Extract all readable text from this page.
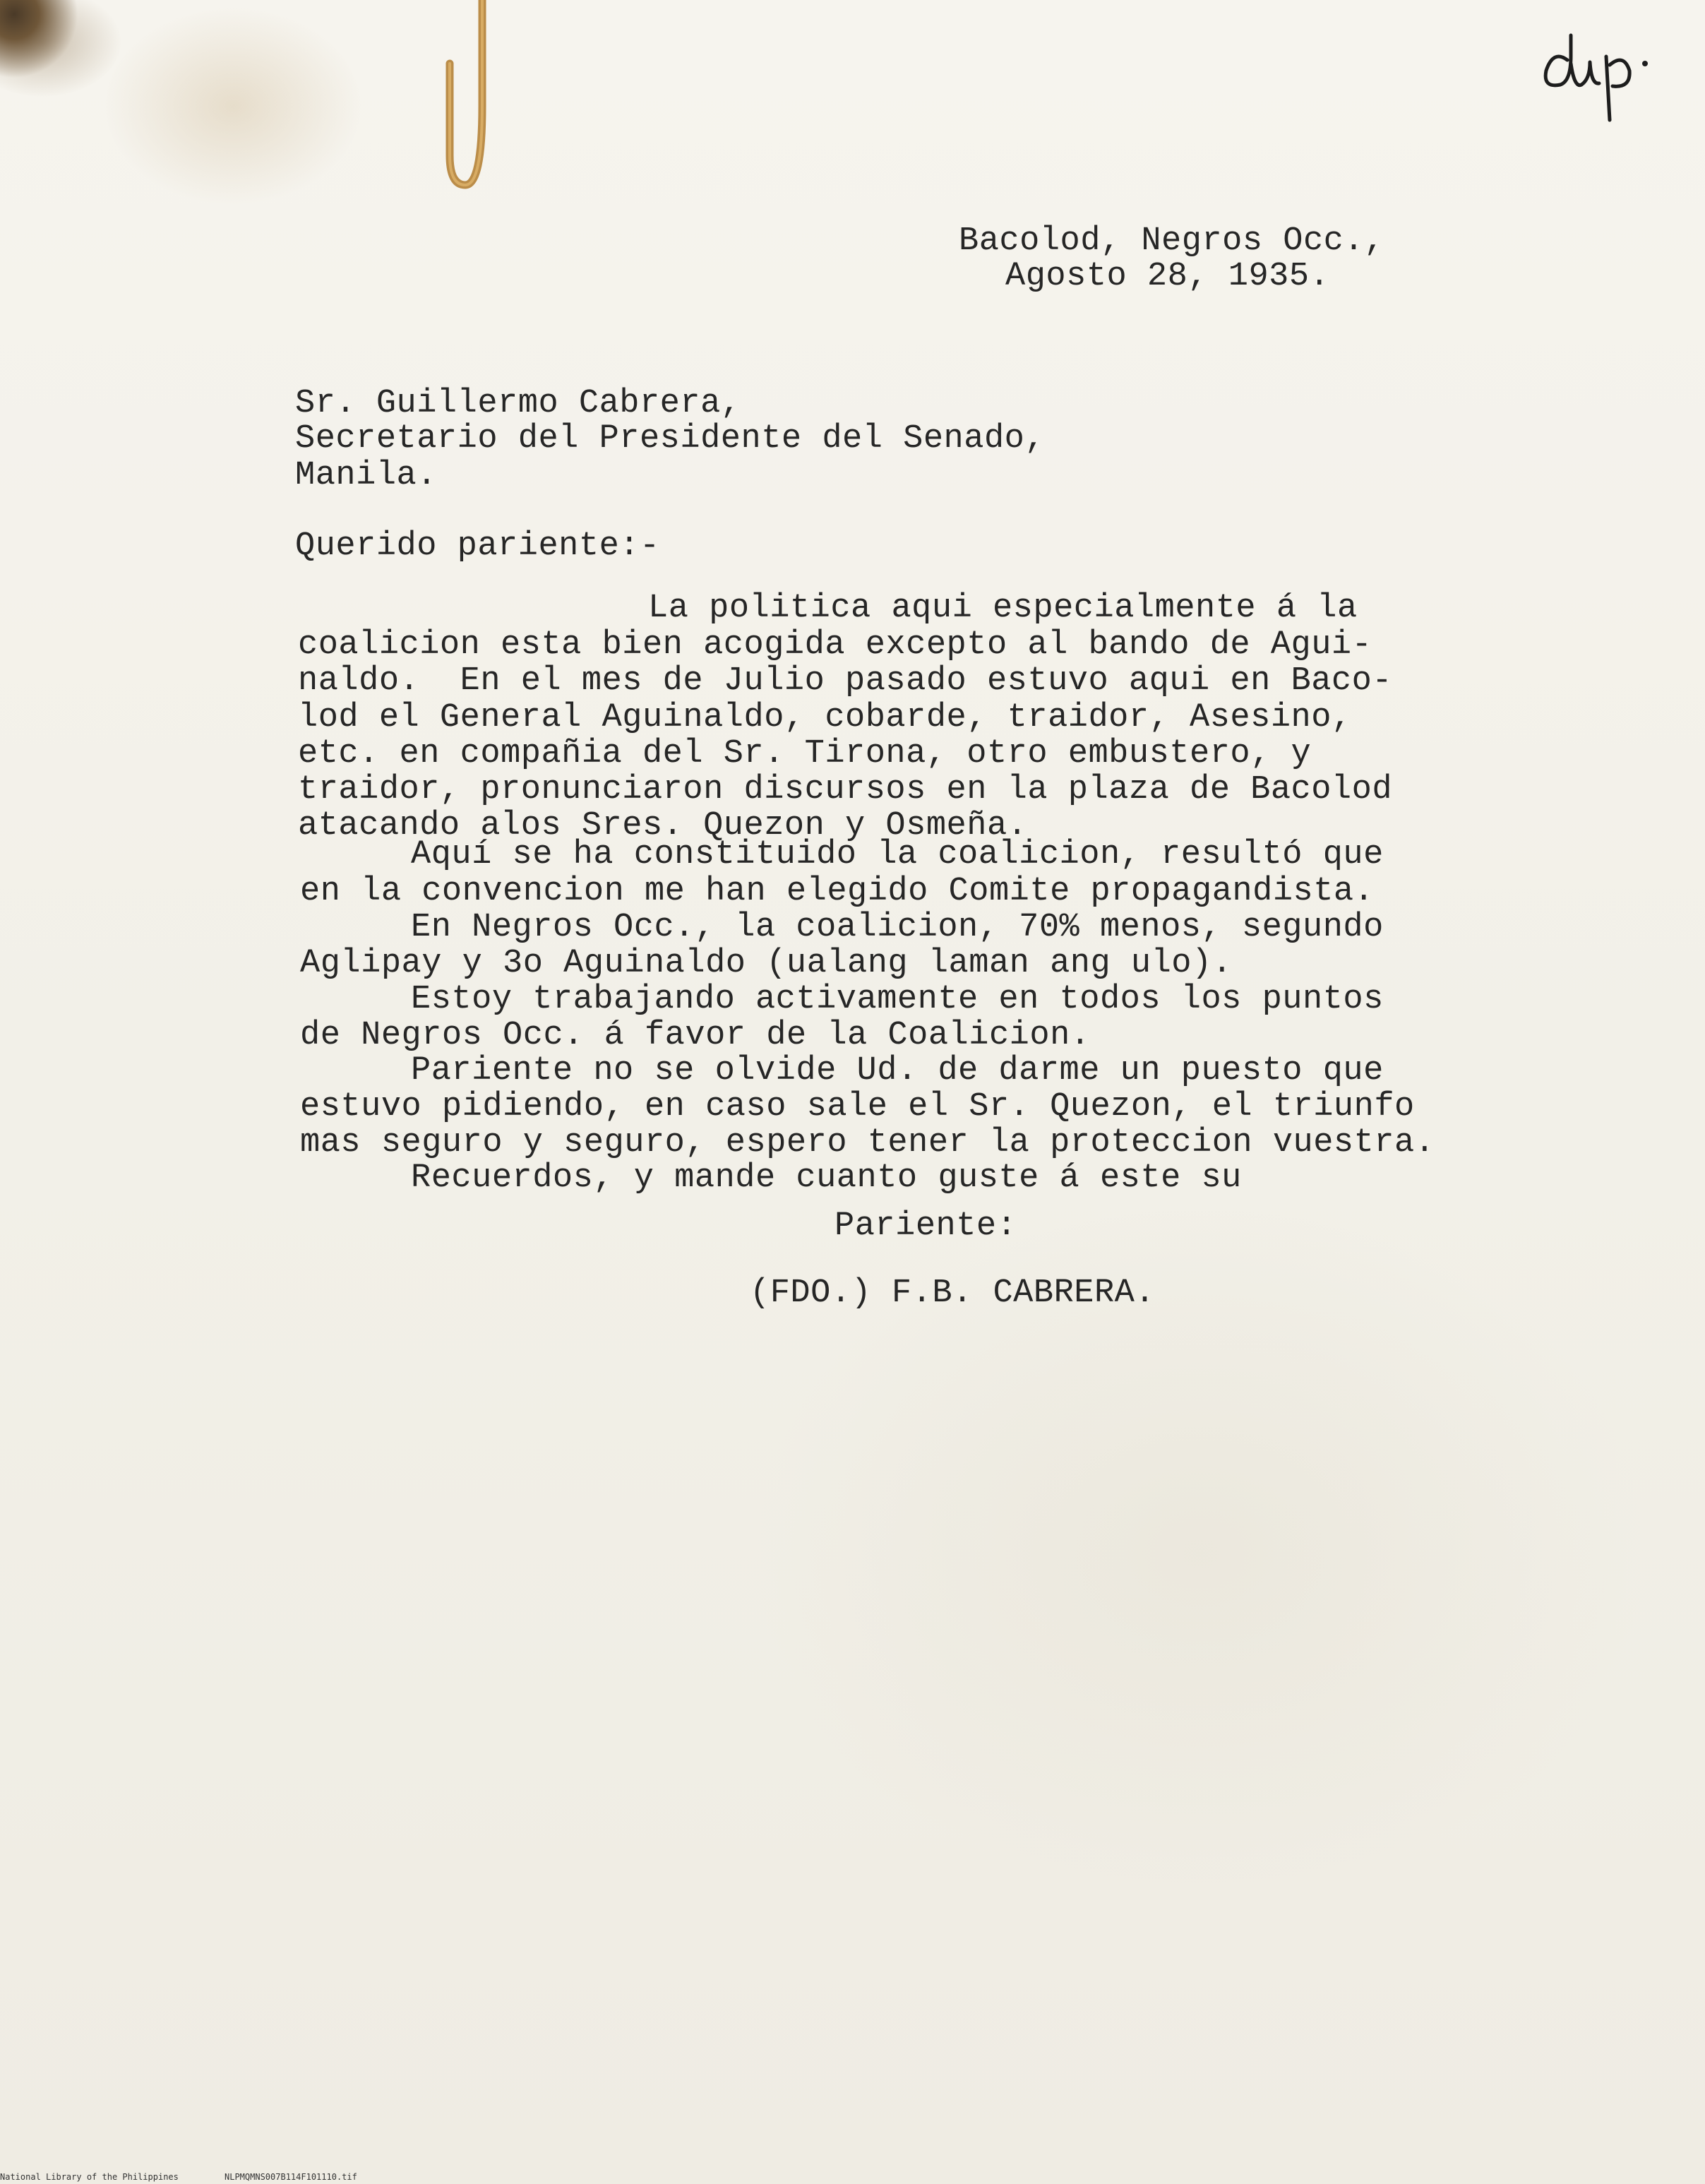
dup.
Bacolod, Negros Occ.,
Agosto 28, 1935.
Sr. Guillermo Cabrera,
Secretario del Presidente del Senado,
Manila.
Querido pariente:-
La politica aqui especialmente á la
coalicion esta bien acogida excepto al bando de Agui-
naldo.  En el mes de Julio pasado estuvo aqui en Baco-
lod el General Aguinaldo, cobarde, traidor, Asesino,
etc. en compañia del Sr. Tirona, otro embustero, y
traidor, pronunciaron discursos en la plaza de Bacolod
atacando alos Sres. Quezon y Osmeña.
Aquí se ha constituido la coalicion, resultó que
en la convencion me han elegido Comite propagandista.
En Negros Occ., la coalicion, 70% menos, segundo
Aglipay y 3o Aguinaldo (ualang laman ang ulo).
Estoy trabajando activamente en todos los puntos
de Negros Occ. á favor de la Coalicion.
Pariente no se olvide Ud. de darme un puesto que
estuvo pidiendo, en caso sale el Sr. Quezon, el triunfo
mas seguro y seguro, espero tener la proteccion vuestra.
Recuerdos, y mande cuanto guste á este su
Pariente:
(FDO.) F.B. CABRERA.
National Library of the Philippines	NLPMQMNS007B114F101110.tif
